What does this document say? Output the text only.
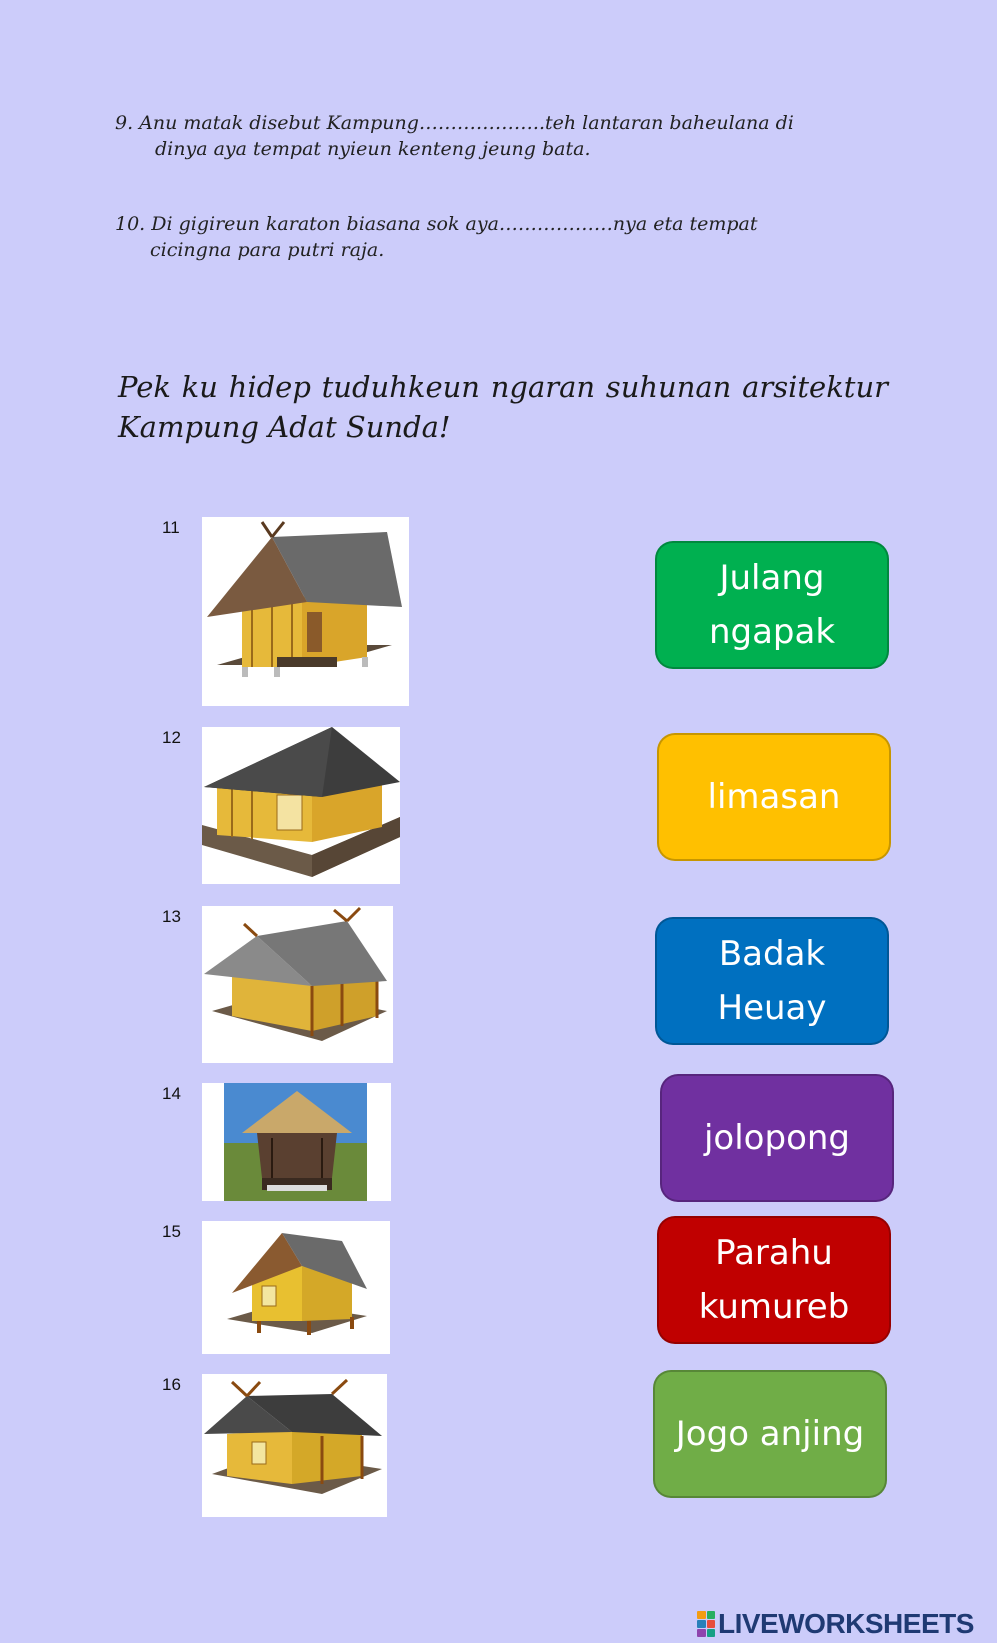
9. Anu matak disebut Kampung………………..teh lantaran baheulana di
dinya aya tempat nyieun kenteng jeung bata.
10. Di gigireun karaton biasana sok aya………………nya eta tempat
cicingna para putri raja.
Pek ku hidep tuduhkeun ngaran suhunan arsitektur Kampung Adat Sunda!
11
12
13
14
15
16
Julang
ngapak
limasan
Badak
Heuay
jolopong
Parahu
kumureb
Jogo anjing
LIVEWORKSHEETS
